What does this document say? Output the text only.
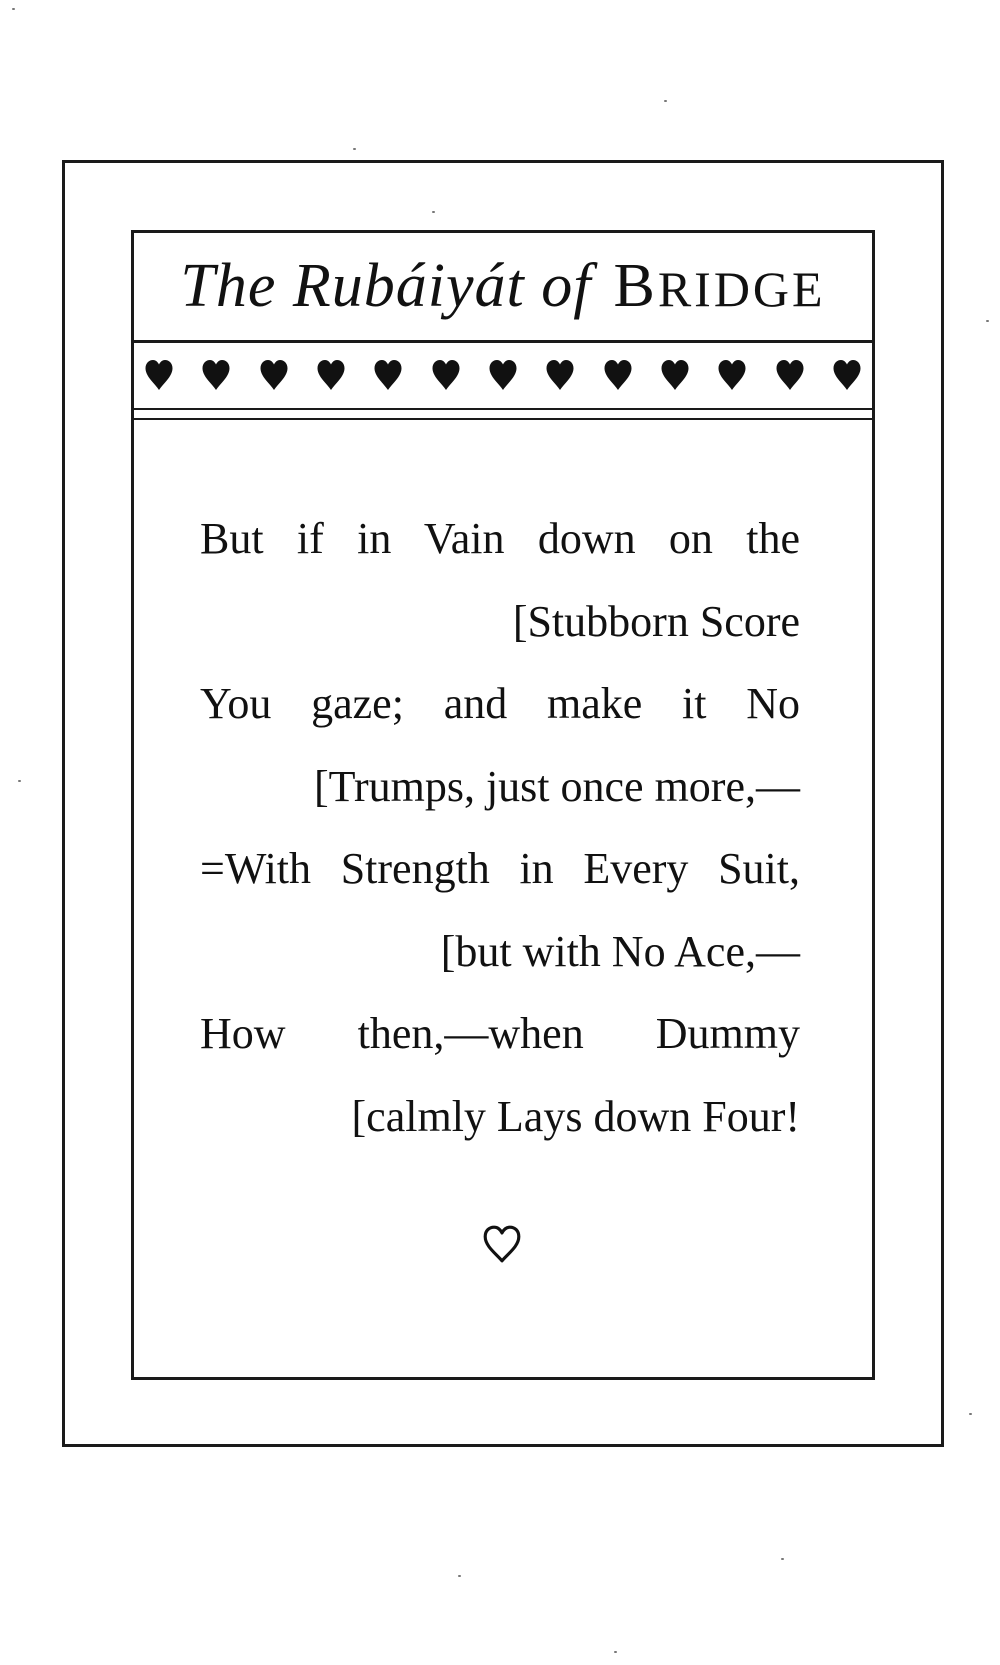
The Rubáiyát of BRIDGE
But if in Vain down on the
[Stubborn Score
You gaze; and make it No
[Trumps, just once more,—
=With Strength in Every Suit,
[but with No Ace,—
How then,—when Dummy
[calmly Lays down Four!
